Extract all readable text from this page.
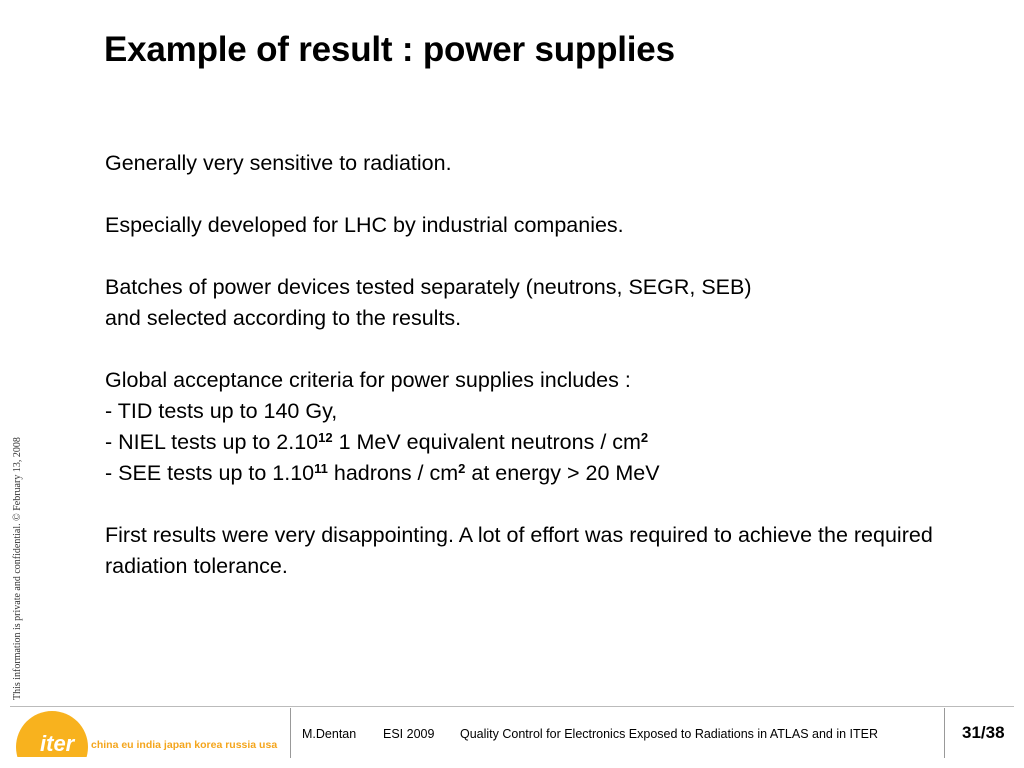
Example of result : power supplies

Generally very sensitive to radiation.

Especially developed for LHC by industrial companies.

Batches of power devices tested separately (neutrons, SEGR, SEB)
and selected according to the results.

Global acceptance criteria for power supplies includes :
- TID tests up to 140 Gy,
- NIEL tests up to 2.10$^{12}$ 1 MeV equivalent neutrons / $cm^2$
- SEE tests up to 1.10$^{11}$ hadrons / $cm^2$ at energy > 20 MeV

First results were very disappointing. A lot of effort was required to achieve the required radiation tolerance.

This information is private and confidential. © February 13, 2008
iter china eu india japan korea russia usa
M.Dentan ESI 2009 Quality Control for Electronics Exposed to Radiations in ATLAS and in ITER	31/38
